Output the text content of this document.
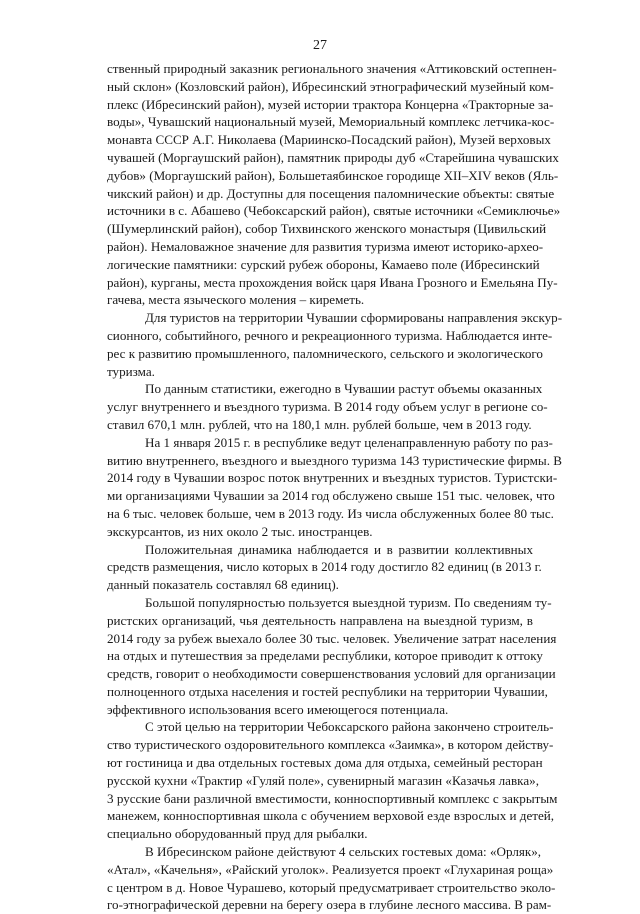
27
ственный природный заказник регионального значения «Аттиковский остепнен-
ный склон» (Козловский район), Ибресинский этнографический музейный ком-
плекс (Ибресинский район), музей истории трактора Концерна «Тракторные за-
воды», Чувашский национальный музей, Мемориальный комплекс летчика-кос-
монавта СССР А.Г. Николаева (Мариинско-Посадский район), Музей верховых
чувашей (Моргаушский район), памятник природы дуб «Старейшина чувашских
дубов» (Моргаушский район), Большетаябинское городище XII–XIV веков (Яль-
чикский район) и др. Доступны для посещения паломнические объекты: святые
источники в с. Абашево (Чебоксарский район), святые источники «Семиключье»
(Шумерлинский район), собор Тихвинского женского монастыря (Цивильский
район). Немаловажное значение для развития туризма имеют историко-архео-
логические памятники: сурский рубеж обороны, Камаево поле (Ибресинский
район), курганы, места прохождения войск царя Ивана Грозного и Емельяна Пу-
гачева, места языческого моления – киреметь.
Для туристов на территории Чувашии сформированы направления экскур-
сионного, событийного, речного и рекреационного туризма. Наблюдается инте-
рес к развитию промышленного, паломнического, сельского и экологического
туризма.
По данным статистики, ежегодно в Чувашии растут объемы оказанных
услуг внутреннего и въездного туризма. В 2014 году объем услуг в регионе со-
ставил 670,1 млн. рублей, что на 180,1 млн. рублей больше, чем в 2013 году.
На 1 января 2015 г. в республике ведут целенаправленную работу по раз-
витию внутреннего, въездного и выездного туризма 143 туристические фирмы. В
2014 году в Чувашии возрос поток внутренних и въездных туристов. Туристски-
ми организациями Чувашии за 2014 год обслужено свыше 151 тыс. человек, что
на 6 тыс. человек больше, чем в 2013 году. Из числа обслуженных более 80 тыс.
экскурсантов, из них около 2 тыс. иностранцев.
Положительная динамика наблюдается и в развитии коллективных
средств размещения, число которых в 2014 году достигло 82 единиц (в 2013 г.
данный показатель составлял 68 единиц).
Большой популярностью пользуется выездной туризм. По сведениям ту-
ристских организаций, чья деятельность направлена на выездной туризм, в
2014 году за рубеж выехало более 30 тыс. человек. Увеличение затрат населения
на отдых и путешествия за пределами республики, которое приводит к оттоку
средств, говорит о необходимости совершенствования условий для организации
полноценного отдыха населения и гостей республики на территории Чувашии,
эффективного использования всего имеющегося потенциала.
С этой целью на территории Чебоксарского района закончено строитель-
ство туристического оздоровительного комплекса «Заимка», в котором действу-
ют гостиница и два отдельных гостевых дома для отдыха, семейный ресторан
русской кухни «Трактир «Гуляй поле», сувенирный магазин «Казачья лавка»,
3 русские бани различной вместимости, конноспортивный комплекс с закрытым
манежем, конноспортивная школа с обучением верховой езде взрослых и детей,
специально оборудованный пруд для рыбалки.
В Ибресинском районе действуют 4 сельских гостевых дома: «Орляк»,
«Атал», «Качельня», «Райский уголок». Реализуется проект «Глухариная роща»
с центром в д. Новое Чурашево, который предусматривает строительство эколо-
го-этнографической деревни на берегу озера в глубине лесного массива. В рам-
